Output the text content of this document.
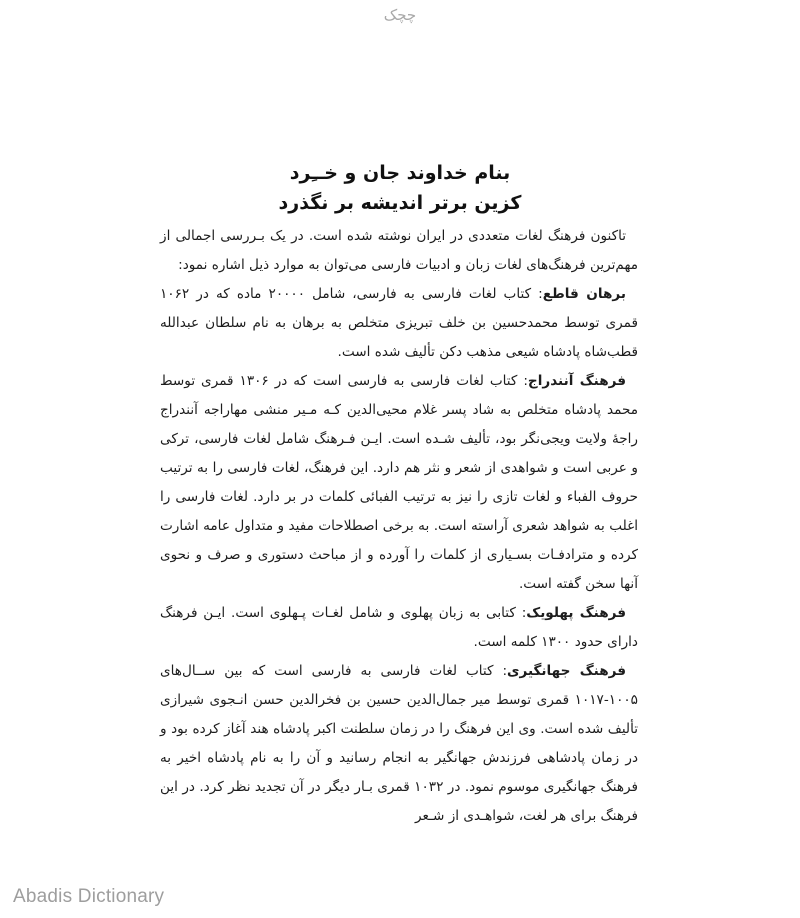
چچک
بنام خداوند جان و خــِرد
کزین برتر اندیشه بر نگذرد

تاکنون فرهنگ لغات متعددی در ایران نوشته شده است. در یک بـررسی اجمالی از مهم‌ترین فرهنگ‌های لغات زبان و ادبیات فارسی می‌توان به موارد ذیل اشاره نمود:

برهان قاطع: کتاب لغات فارسی به فارسی، شامل ۲۰۰۰۰ ماده که در ۱۰۶۲ قمری توسط محمدحسین بن خلف تبریزی متخلص به برهان به نام سلطان عبدالله قطب‌شاه پادشاه شیعی مذهب دکن تألیف شده است.

فرهنگ آنندراج: کتاب لغات فارسی به فارسی است که در ۱۳۰۶ قمری توسط محمد پادشاه متخلص به شاد پسر غلام محیی‌الدین کـه مـیر منشی مهاراجه آنندراج راجهٔ ولایت ویجی‌نگر بود، تألیف شـده است. ایـن فـرهنگ شامل لغات فارسی، ترکی و عربی است و شواهدی از شعر و نثر هم دارد. این فرهنگ، لغات فارسی را به ترتیب حروف الفباء و لغات تازی را نیز به ترتیب الفبائی کلمات در بر دارد. لغات فارسی را اغلب به شواهد شعری آراسته است. به برخی اصطلاحات مفید و متداول عامه اشارت کرده و مترادفـات بسـیاری از کلمات را آورده و از مباحث دستوری و صرف و نحوی آنها سخن گفته است.

فرهنگ پهلویک: کتابی به زبان پهلوی و شامل لغـات پـهلوی است. ایـن فرهنگ دارای حدود ۱۳۰۰ کلمه است.

فرهنگ جهانگیری: کتاب لغات فارسی به فارسی است که بین ســال‌های ۱۰۰۵-۱۰۱۷ قمری توسط میر جمال‌الدین حسین بن فخرالدین حسن انـجوی شیرازی تألیف شده است. وی این فرهنگ را در زمان سلطنت اکبر پادشاه هند آغاز کرده بود و در زمان پادشاهی فرزندش جهانگیر به انجام رسانید و آن را به نام پادشاه اخیر به فرهنگ جهانگیری موسوم نمود. در ۱۰۳۲ قمری بـار دیگر در آن تجدید نظر کرد. در این فرهنگ برای هر لغت، شواهـدی از شـعر

Abadis Dictionary
